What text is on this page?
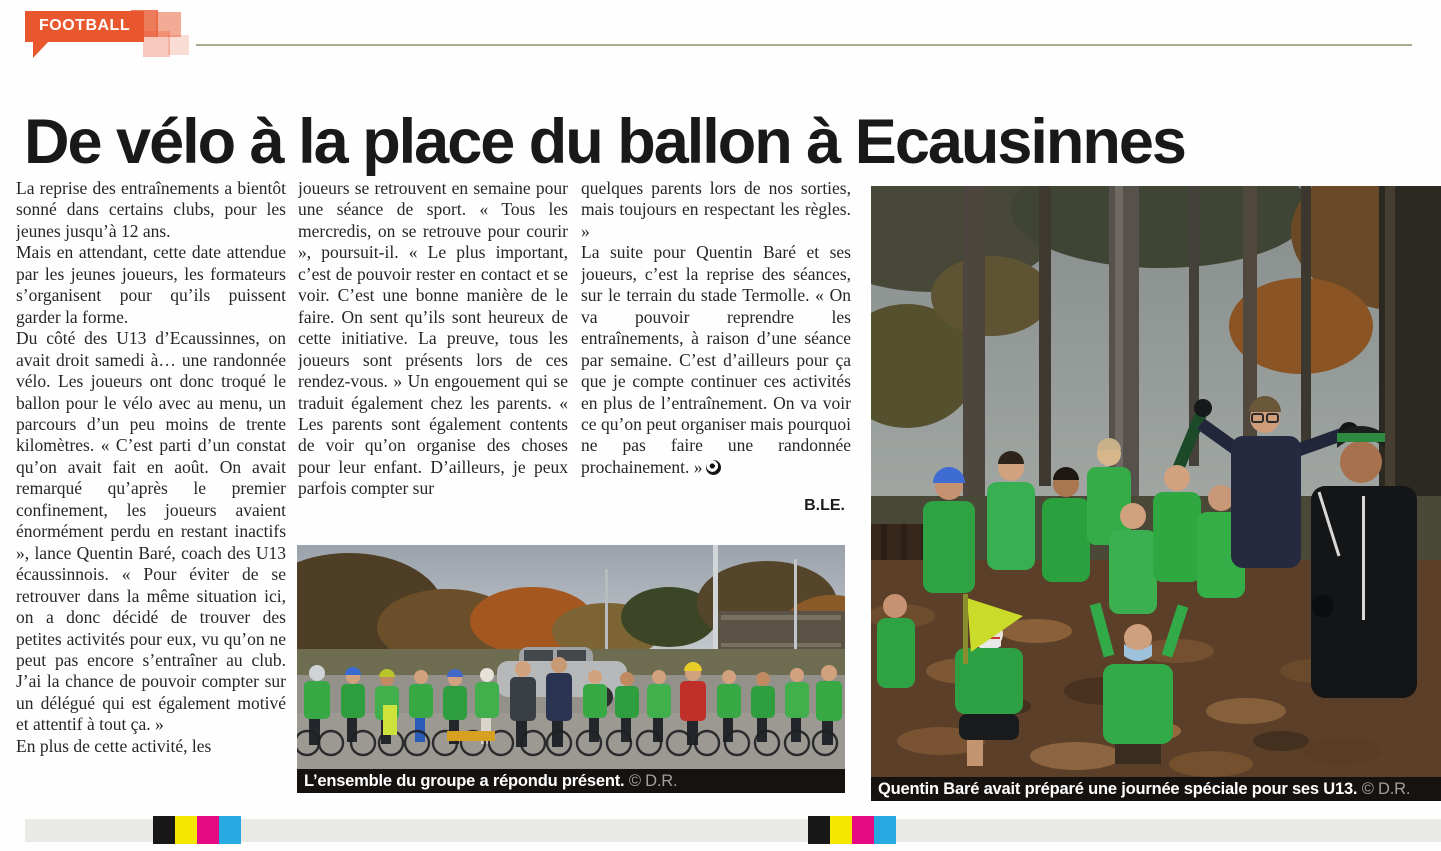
FOOTBALL
De vélo à la place du ballon à Ecausinnes

La reprise des entraînements a bientôt sonné dans certains clubs, pour les jeunes jusqu’à 12 ans.

Mais en attendant, cette date attendue par les jeunes joueurs, les formateurs s’organisent pour qu’ils puissent garder la forme.

Du côté des U13 d’Ecaussinnes, on avait droit samedi à… une randonnée vélo. Les joueurs ont donc troqué le ballon pour le vélo avec au menu, un parcours d’un peu moins de trente kilomètres. « C’est parti d’un constat qu’on avait fait en août. On avait remarqué qu’après le premier confinement, les joueurs avaient énormément perdu en restant inactifs », lance Quentin Baré, coach des U13 écaussinnois. « Pour éviter de se retrouver dans la même situation ici, on a donc décidé de trouver des petites activités pour eux, vu qu’on ne peut pas encore s’entraîner au club. J’ai la chance de pouvoir compter sur un délégué qui est également motivé et attentif à tout ça. »

En plus de cette activité, les

joueurs se retrouvent en semaine pour une séance de sport. « Tous les mercredis, on se retrouve pour courir », poursuit-il. « Le plus important, c’est de pouvoir rester en contact et se voir. C’est une bonne manière de le faire. On sent qu’ils sont heureux de cette initiative. La preuve, tous les joueurs sont présents lors de ces rendez-vous. » Un engouement qui se traduit également chez les parents. « Les parents sont également contents de voir qu’on organise des choses pour leur enfant. D’ailleurs, je peux parfois compter sur

quelques parents lors de nos sorties, mais toujours en respectant les règles. »

La suite pour Quentin Baré et ses joueurs, c’est la reprise des séances, sur le terrain du stade Termolle. « On va pouvoir reprendre les entraînements, à raison d’une séance par semaine. C’est d’ailleurs pour ça que je compte continuer ces activités en plus de l’entraînement. On va voir ce qu’on peut organiser mais pourquoi ne pas faire une randonnée prochainement. »

B.LE.
L’ensemble du groupe a répondu présent. © D.R.	Quentin Baré avait préparé une journée spéciale pour ses U13. © D.R.
